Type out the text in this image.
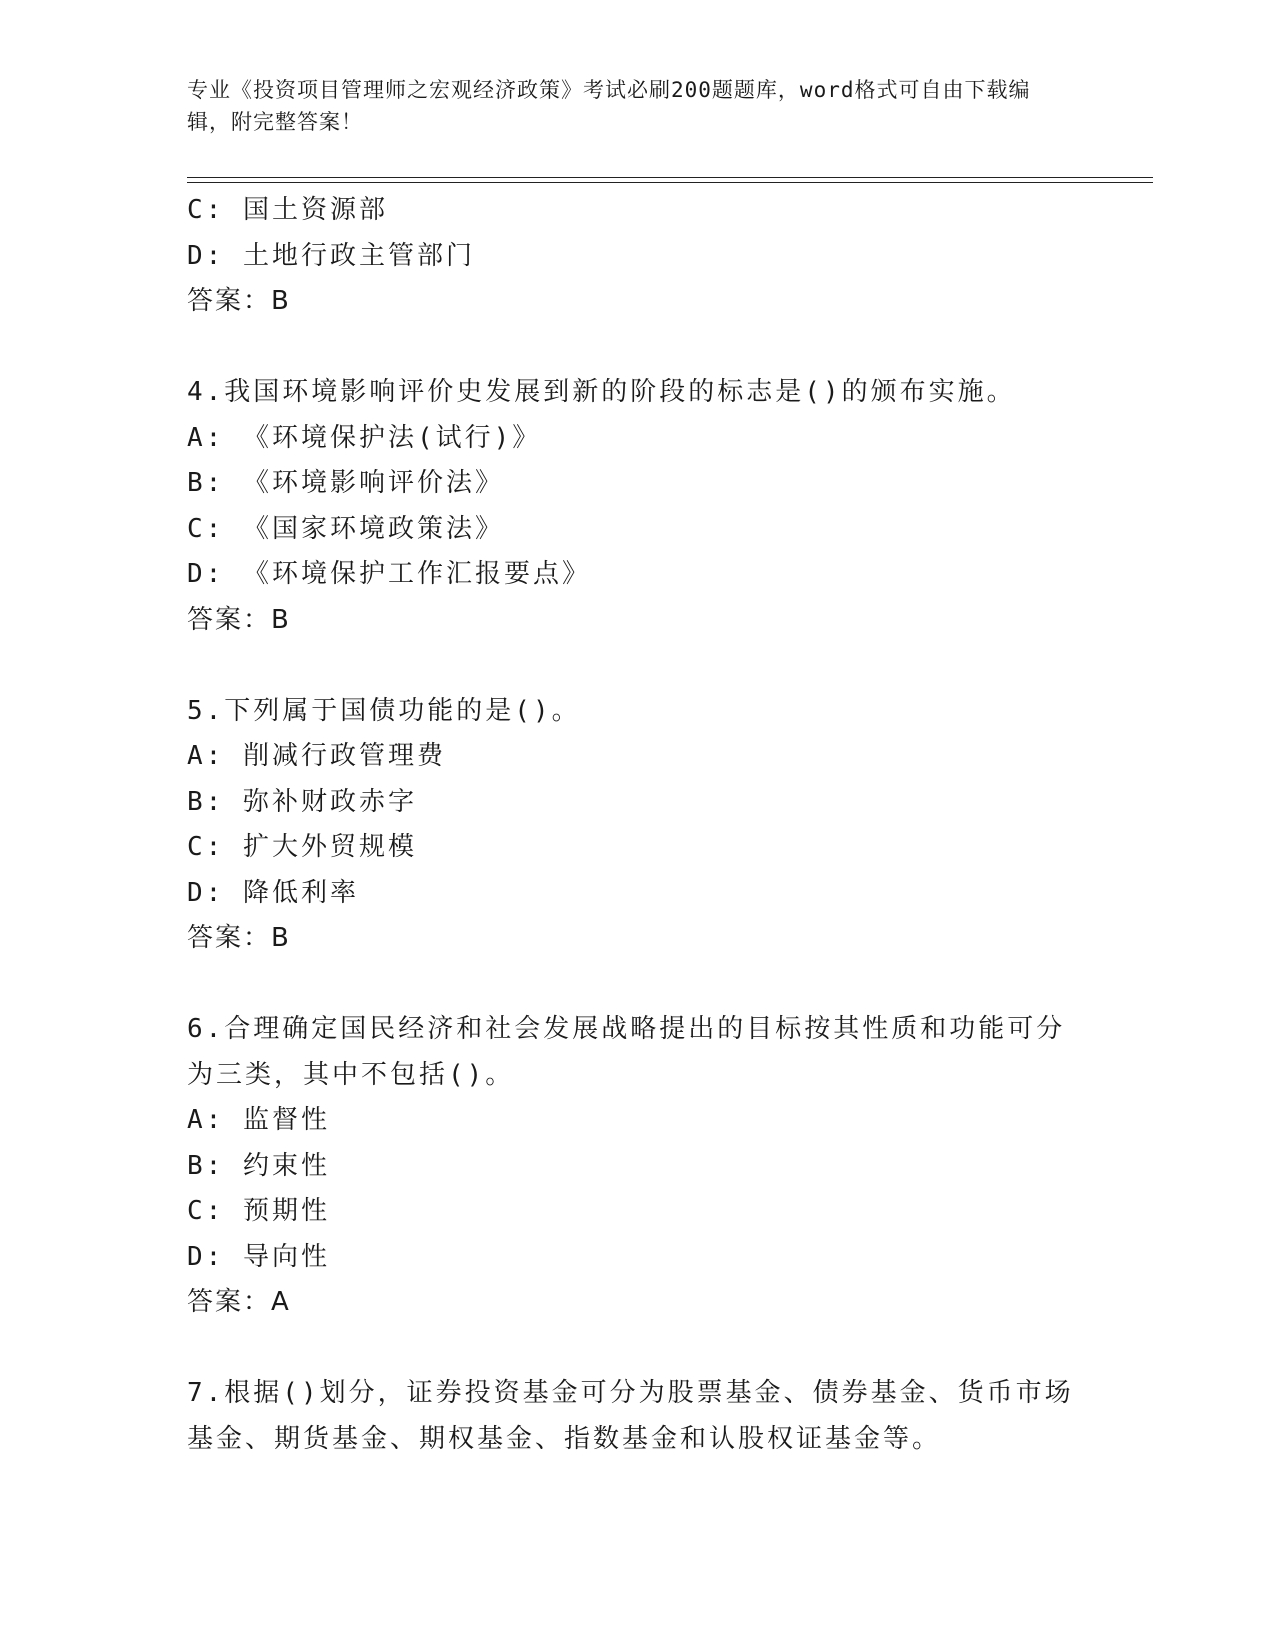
专业《投资项目管理师之宏观经济政策》考试必刷200题题库，word格式可自由下载编辑，附完整答案！
C: 国土资源部
D: 土地行政主管部门
答案：B
4.我国环境影响评价史发展到新的阶段的标志是()的颁布实施。
A: 《环境保护法(试行)》
B: 《环境影响评价法》
C: 《国家环境政策法》
D: 《环境保护工作汇报要点》
答案：B
5.下列属于国债功能的是()。
A: 削减行政管理费
B: 弥补财政赤字
C: 扩大外贸规模
D: 降低利率
答案：B
6.合理确定国民经济和社会发展战略提出的目标按其性质和功能可分
为三类，其中不包括()。
A: 监督性
B: 约束性
C: 预期性
D: 导向性
答案：A
7.根据()划分，证券投资基金可分为股票基金、债券基金、货币市场
基金、期货基金、期权基金、指数基金和认股权证基金等。
